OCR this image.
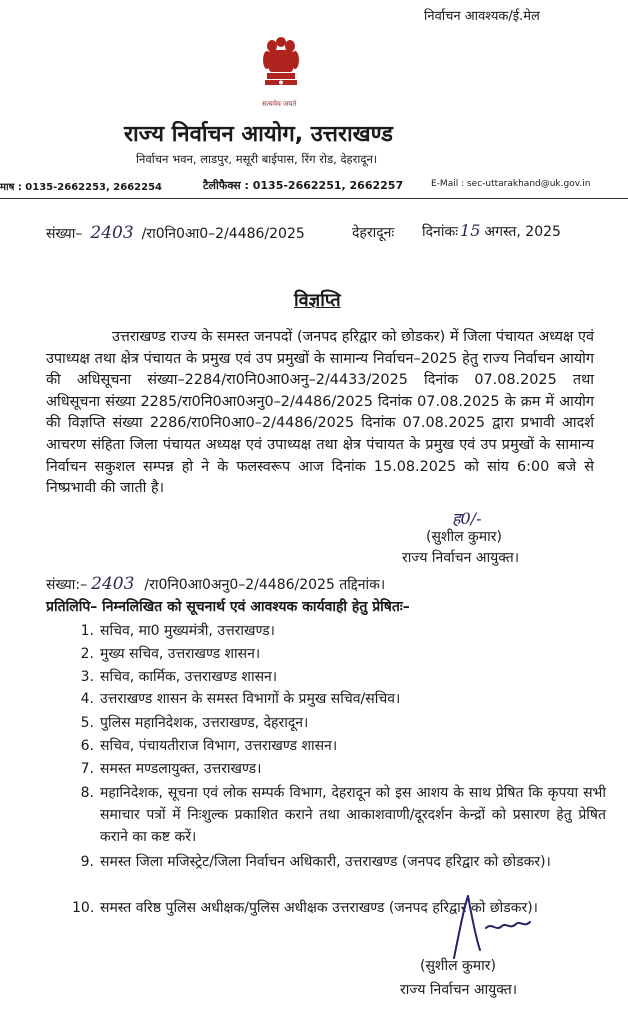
निर्वाचन आवश्यक/ई.मेल
सत्यमेव जयते
राज्य निर्वाचन आयोग, उत्तराखण्ड
निर्वाचन भवन, लाडपुर, मसूरी बाईपास, रिंग रोड, देहरादून।
माष : 0135-2662253, 2662254	टैलीफैक्स : 0135-2662251, 2662257	E-Mail : sec-uttarakhand@uk.gov.in
संख्या– 2403 /रा0नि0आ0–2/4486/2025	देहरादूनः दिनांकः 15 अगस्त, 2025
विज्ञप्ति
उत्तराखण्ड राज्य के समस्त जनपदों (जनपद हरिद्वार को छोडकर) में जिला पंचायत अध्यक्ष एवं उपाध्यक्ष तथा क्षेत्र पंचायत के प्रमुख एवं उप प्रमुखों के सामान्य निर्वाचन–2025 हेतु राज्य निर्वाचन आयोग की अधिसूचना संख्या–2284/रा0नि0आ0अनु–2/4433/2025 दिनांक 07.08.2025 तथा अधिसूचना संख्या 2285/रा0नि0आ0अनु0–2/4486/2025 दिनांक 07.08.2025 के क्रम में आयोग की विज्ञप्ति संख्या 2286/रा0नि0आ0–2/4486/2025 दिनांक 07.08.2025 द्वारा प्रभावी आदर्श आचरण संहिता जिला पंचायत अध्यक्ष एवं उपाध्यक्ष तथा क्षेत्र पंचायत के प्रमुख एवं उप प्रमुखों के सामान्य निर्वाचन सकुशल सम्पन्न हो ने के फलस्वरूप आज दिनांक 15.08.2025 को सांय 6:00 बजे से निष्प्रभावी की जाती है।
ह0/-
(सुशील कुमार)
राज्य निर्वाचन आयुक्त।
संख्या:– 2403 /रा0नि0आ0अनु0–2/4486/2025 तद्दिनांक।
प्रतिलिपि– निम्नलिखित को सूचनार्थ एवं आवश्यक कार्यवाही हेतु प्रेषितः–
1. सचिव, मा0 मुख्यमंत्री, उत्तराखण्ड।
2. मुख्य सचिव, उत्तराखण्ड शासन।
3. सचिव, कार्मिक, उत्तराखण्ड शासन।
4. उत्तराखण्ड शासन के समस्त विभागों के प्रमुख सचिव/सचिव।
5. पुलिस महानिदेशक, उत्तराखण्ड, देहरादून।
6. सचिव, पंचायतीराज विभाग, उत्तराखण्ड शासन।
7. समस्त मण्डलायुक्त, उत्तराखण्ड।
8. महानिदेशक, सूचना एवं लोक सम्पर्क विभाग, देहरादून को इस आशय के साथ प्रेषित कि कृपया सभी समाचार पत्रों में निःशुल्क प्रकाशित कराने तथा आकाशवाणी/दूरदर्शन केन्द्रों को प्रसारण हेतु प्रेषित कराने का कष्ट करें।
9. समस्त जिला मजिस्ट्रेट/जिला निर्वाचन अधिकारी, उत्तराखण्ड (जनपद हरिद्वार को छोडकर)।
10. समस्त वरिष्ठ पुलिस अधीक्षक/पुलिस अधीक्षक उत्तराखण्ड (जनपद हरिद्वार को छोडकर)।
(सुशील कुमार)
राज्य निर्वाचन आयुक्त।
